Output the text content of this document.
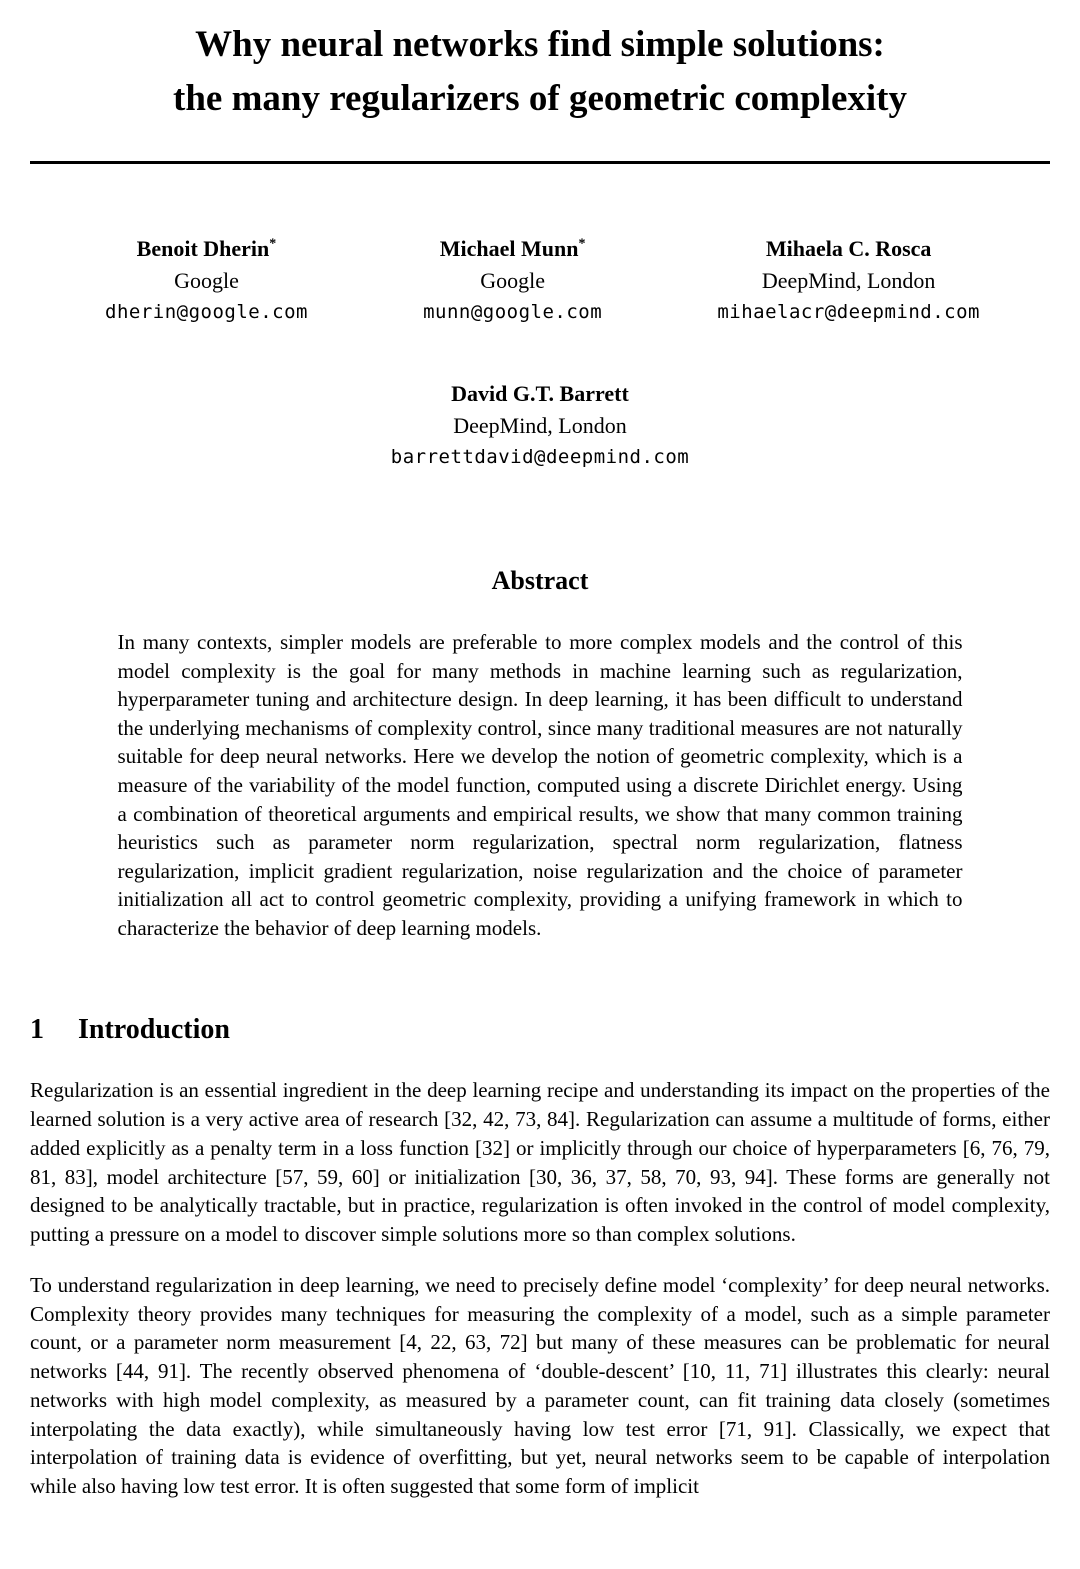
Why neural networks find simple solutions:
the many regularizers of geometric complexity
Benoit Dherin*
Google
dherin@google.com
Michael Munn*
Google
munn@google.com
Mihaela C. Rosca
DeepMind, London
mihaelacr@deepmind.com
David G.T. Barrett
DeepMind, London
barrettdavid@deepmind.com
Abstract
In many contexts, simpler models are preferable to more complex models and the control of this model complexity is the goal for many methods in machine learning such as regularization, hyperparameter tuning and architecture design. In deep learning, it has been difficult to understand the underlying mechanisms of complexity control, since many traditional measures are not naturally suitable for deep neural networks. Here we develop the notion of geometric complexity, which is a measure of the variability of the model function, computed using a discrete Dirichlet energy. Using a combination of theoretical arguments and empirical results, we show that many common training heuristics such as parameter norm regularization, spectral norm regularization, flatness regularization, implicit gradient regularization, noise regularization and the choice of parameter initialization all act to control geometric complexity, providing a unifying framework in which to characterize the behavior of deep learning models.
1 Introduction
Regularization is an essential ingredient in the deep learning recipe and understanding its impact on the properties of the learned solution is a very active area of research [32, 42, 73, 84]. Regularization can assume a multitude of forms, either added explicitly as a penalty term in a loss function [32] or implicitly through our choice of hyperparameters [6, 76, 79, 81, 83], model architecture [57, 59, 60] or initialization [30, 36, 37, 58, 70, 93, 94]. These forms are generally not designed to be analytically tractable, but in practice, regularization is often invoked in the control of model complexity, putting a pressure on a model to discover simple solutions more so than complex solutions.
To understand regularization in deep learning, we need to precisely define model ‘complexity’ for deep neural networks. Complexity theory provides many techniques for measuring the complexity of a model, such as a simple parameter count, or a parameter norm measurement [4, 22, 63, 72] but many of these measures can be problematic for neural networks [44, 91]. The recently observed phenomena of ‘double-descent’ [10, 11, 71] illustrates this clearly: neural networks with high model complexity, as measured by a parameter count, can fit training data closely (sometimes interpolating the data exactly), while simultaneously having low test error [71, 91]. Classically, we expect that interpolation of training data is evidence of overfitting, but yet, neural networks seem to be capable of interpolation while also having low test error. It is often suggested that some form of implicit
